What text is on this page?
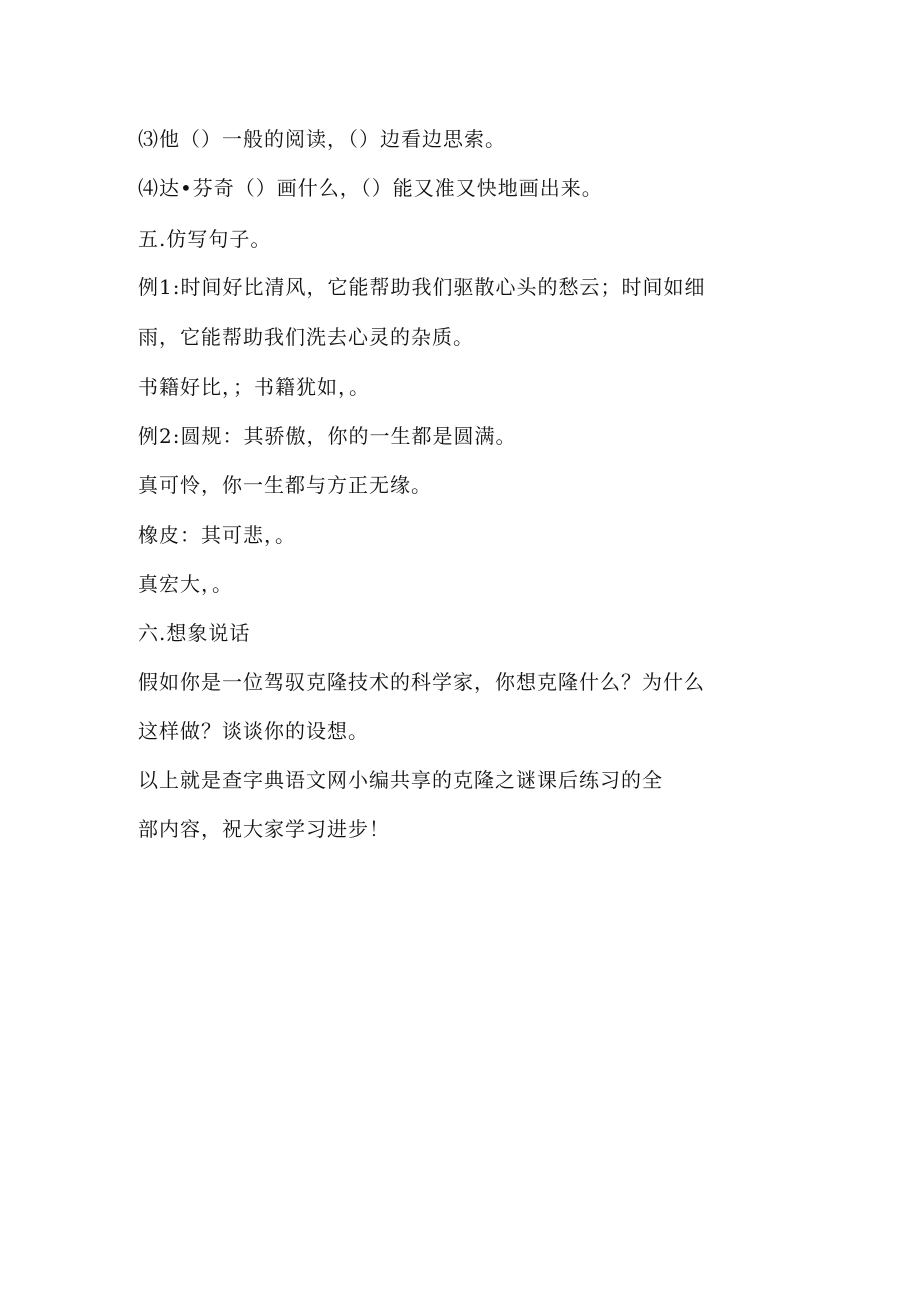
⑶他（）一般的阅读，（）边看边思索。

⑷达•芬奇（）画什么，（）能又准又快地画出来。

五.仿写句子。

例1:时间好比清风，它能帮助我们驱散心头的愁云；时间如细

雨，它能帮助我们洗去心灵的杂质。

书籍好比，；书籍犹如，。

例2:圆规：其骄傲，你的一生都是圆满。

真可怜，你一生都与方正无缘。

橡皮：其可悲，。

真宏大，。

六.想象说话

假如你是一位驾驭克隆技术的科学家，你想克隆什么？为什么

这样做？谈谈你的设想。

以上就是查字典语文网小编共享的克隆之谜课后练习的全

部内容，祝大家学习进步！
